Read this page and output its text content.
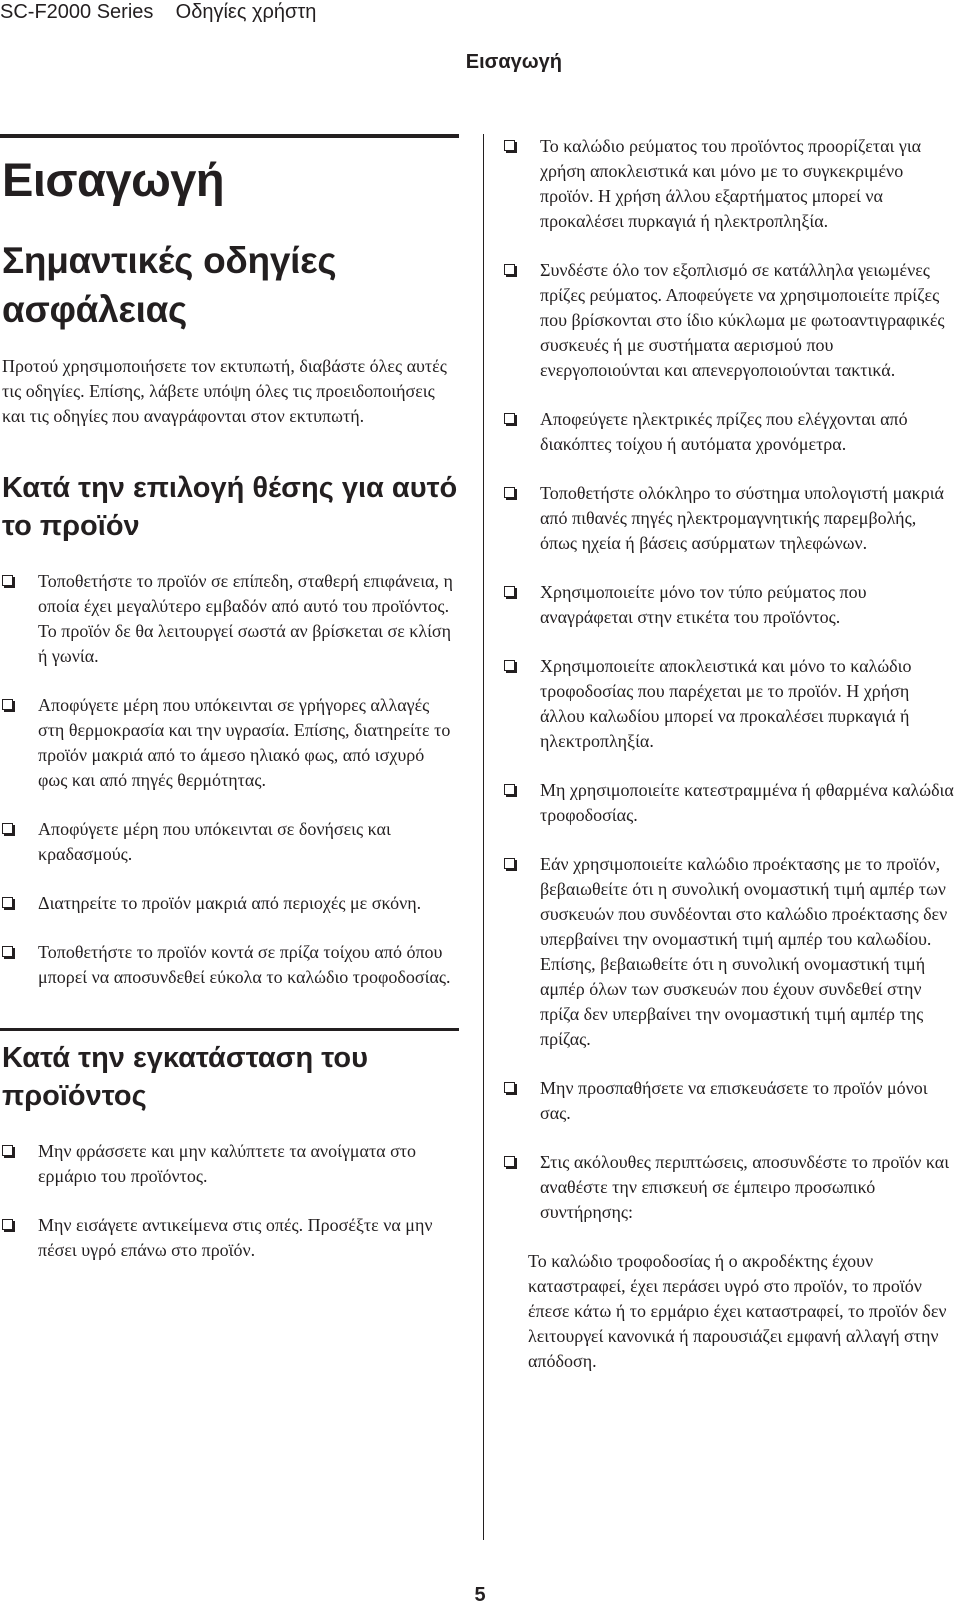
SC-F2000 Series Οδηγίες χρήστη
Εισαγωγή
Εισαγωγή
Σημαντικές οδηγίες ασφάλειας
Προτού χρησιμοποιήσετε τον εκτυπωτή, διαβάστε όλες αυτές τις οδηγίες. Επίσης, λάβετε υπόψη όλες τις προειδοποιήσεις και τις οδηγίες που αναγράφονται στον εκτυπωτή.
Κατά την επιλογή θέσης για αυτό το προϊόν
Τοποθετήστε το προϊόν σε επίπεδη, σταθερή επιφάνεια, η οποία έχει μεγαλύτερο εμβαδόν από αυτό του προϊόντος. Το προϊόν δε θα λειτουργεί σωστά αν βρίσκεται σε κλίση ή γωνία.
Αποφύγετε μέρη που υπόκεινται σε γρήγορες αλλαγές στη θερμοκρασία και την υγρασία. Επίσης, διατηρείτε το προϊόν μακριά από το άμεσο ηλιακό φως, από ισχυρό φως και από πηγές θερμότητας.
Αποφύγετε μέρη που υπόκεινται σε δονήσεις και κραδασμούς.
Διατηρείτε το προϊόν μακριά από περιοχές με σκόνη.
Τοποθετήστε το προϊόν κοντά σε πρίζα τοίχου από όπου μπορεί να αποσυνδεθεί εύκολα το καλώδιο τροφοδοσίας.
Κατά την εγκατάσταση του προϊόντος
Μην φράσσετε και μην καλύπτετε τα ανοίγματα στο ερμάριο του προϊόντος.
Μην εισάγετε αντικείμενα στις οπές. Προσέξτε να μην πέσει υγρό επάνω στο προϊόν.
Το καλώδιο ρεύματος του προϊόντος προορίζεται για χρήση αποκλειστικά και μόνο με το συγκεκριμένο προϊόν. Η χρήση άλλου εξαρτήματος μπορεί να προκαλέσει πυρκαγιά ή ηλεκτροπληξία.
Συνδέστε όλο τον εξοπλισμό σε κατάλληλα γειωμένες πρίζες ρεύματος. Αποφεύγετε να χρησιμοποιείτε πρίζες που βρίσκονται στο ίδιο κύκλωμα με φωτοαντιγραφικές συσκευές ή με συστήματα αερισμού που ενεργοποιούνται και απενεργοποιούνται τακτικά.
Αποφεύγετε ηλεκτρικές πρίζες που ελέγχονται από διακόπτες τοίχου ή αυτόματα χρονόμετρα.
Τοποθετήστε ολόκληρο το σύστημα υπολογιστή μακριά από πιθανές πηγές ηλεκτρομαγνητικής παρεμβολής, όπως ηχεία ή βάσεις ασύρματων τηλεφώνων.
Χρησιμοποιείτε μόνο τον τύπο ρεύματος που αναγράφεται στην ετικέτα του προϊόντος.
Χρησιμοποιείτε αποκλειστικά και μόνο το καλώδιο τροφοδοσίας που παρέχεται με το προϊόν. Η χρήση άλλου καλωδίου μπορεί να προκαλέσει πυρκαγιά ή ηλεκτροπληξία.
Μη χρησιμοποιείτε κατεστραμμένα ή φθαρμένα καλώδια τροφοδοσίας.
Εάν χρησιμοποιείτε καλώδιο προέκτασης με το προϊόν, βεβαιωθείτε ότι η συνολική ονομαστική τιμή αμπέρ των συσκευών που συνδέονται στο καλώδιο προέκτασης δεν υπερβαίνει την ονομαστική τιμή αμπέρ του καλωδίου. Επίσης, βεβαιωθείτε ότι η συνολική ονομαστική τιμή αμπέρ όλων των συσκευών που έχουν συνδεθεί στην πρίζα δεν υπερβαίνει την ονομαστική τιμή αμπέρ της πρίζας.
Μην προσπαθήσετε να επισκευάσετε το προϊόν μόνοι σας.
Στις ακόλουθες περιπτώσεις, αποσυνδέστε το προϊόν και αναθέστε την επισκευή σε έμπειρο προσωπικό συντήρησης:
Το καλώδιο τροφοδοσίας ή ο ακροδέκτης έχουν καταστραφεί, έχει περάσει υγρό στο προϊόν, το προϊόν έπεσε κάτω ή το ερμάριο έχει καταστραφεί, το προϊόν δεν λειτουργεί κανονικά ή παρουσιάζει εμφανή αλλαγή στην απόδοση.
5
